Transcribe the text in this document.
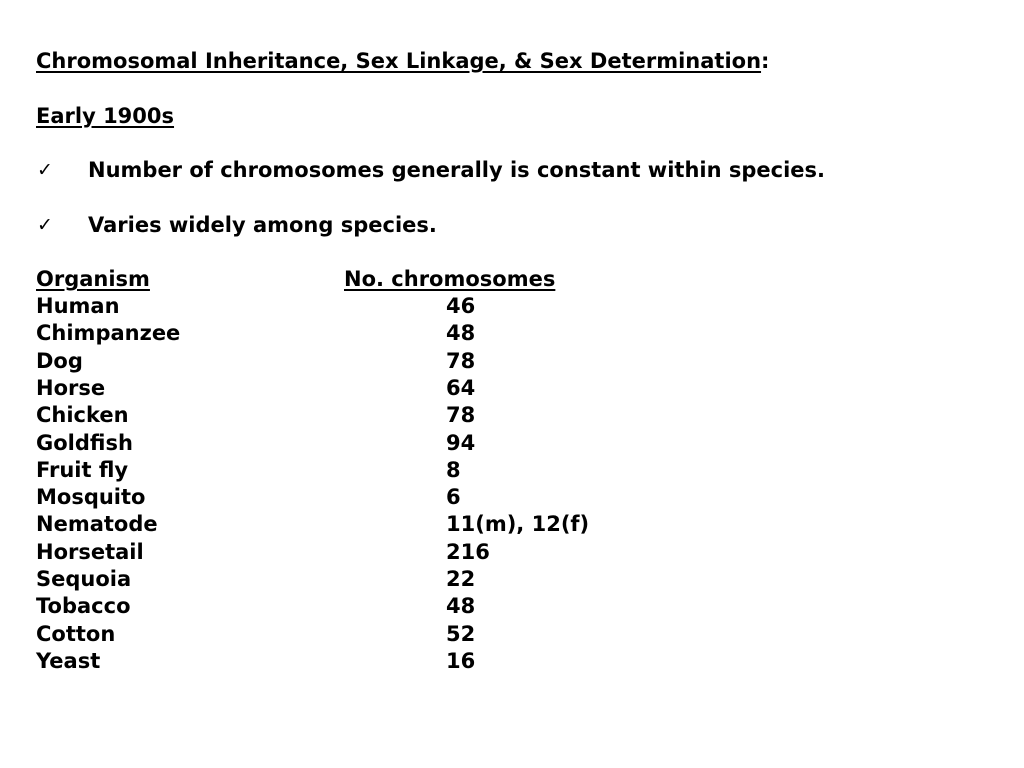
Chromosomal Inheritance, Sex Linkage, & Sex Determination:
Early 1900s
✓ Number of chromosomes generally is constant within species.
✓ Varies widely among species.
Organism	No. chromosomes
Human	46
Chimpanzee	48
Dog	78
Horse	64
Chicken	78
Goldfish	94
Fruit fly	8
Mosquito	6
Nematode	11(m), 12(f)
Horsetail	216
Sequoia	22
Tobacco	48
Cotton	52
Yeast	16
